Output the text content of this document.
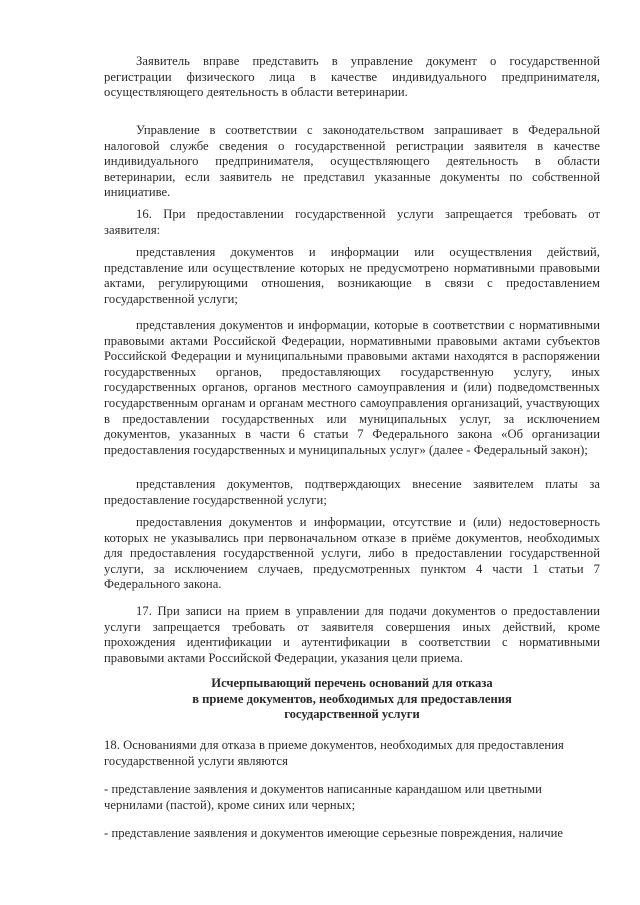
Заявитель вправе представить в управление документ о государственной регистрации физического лица в качестве индивидуального предпринимателя, осуществляющего деятельность в области ветеринарии.

Управление в соответствии с законодательством запрашивает в Федеральной налоговой службе сведения о государственной регистрации заявителя в качестве индивидуального предпринимателя, осуществляющего деятельность в области ветеринарии, если заявитель не представил указанные документы по собственной инициативе.

16. При предоставлении государственной услуги запрещается требовать от заявителя:

представления документов и информации или осуществления действий, представление или осуществление которых не предусмотрено нормативными правовыми актами, регулирующими отношения, возникающие в связи с предоставлением государственной услуги;

представления документов и информации, которые в соответствии с нормативными правовыми актами Российской Федерации, нормативными правовыми актами субъектов Российской Федерации и муниципальными правовыми актами находятся в распоряжении государственных органов, предоставляющих государственную услугу, иных государственных органов, органов местного самоуправления и (или) подведомственных государственным органам и органам местного самоуправления организаций, участвующих в предоставлении государственных или муниципальных услуг, за исключением документов, указанных в части 6 статьи 7 Федерального закона «Об организации предоставления государственных и муниципальных услуг» (далее - Федеральный закон);

представления документов, подтверждающих внесение заявителем платы за предоставление государственной услуги;

предоставления документов и информации, отсутствие и (или) недостоверность которых не указывались при первоначальном отказе в приёме документов, необходимых для предоставления государственной услуги, либо в предоставлении государственной услуги, за исключением случаев, предусмотренных пунктом 4 части 1 статьи 7 Федерального закона.

17. При записи на прием в управлении для подачи документов о предоставлении услуги запрещается требовать от заявителя совершения иных действий, кроме прохождения идентификации и аутентификации в соответствии с нормативными правовыми актами Российской Федерации, указания цели приема.

Исчерпывающий перечень оснований для отказа
в приеме документов, необходимых для предоставления
государственной услуги

18. Основаниями для отказа в приеме документов, необходимых для предоставления государственной услуги являются

- представление заявления и документов написанные карандашом или цветными чернилами (пастой), кроме синих или черных;

- представление заявления и документов имеющие серьезные повреждения, наличие
